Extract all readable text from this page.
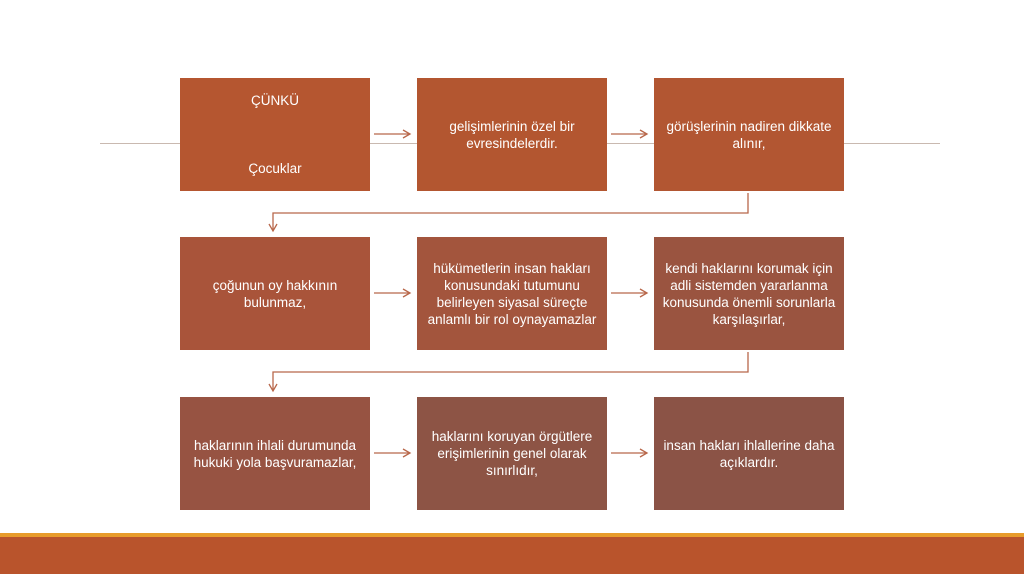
ÇÜNKÜ

Çocuklar

gelişimlerinin özel bir evresindelerdir.
görüşlerinin nadiren dikkate alınır,
çoğunun oy hakkının bulunmaz,
hükümetlerin insan hakları konusundaki tutumunu belirleyen siyasal süreçte anlamlı bir rol oynayamazlar
kendi haklarını korumak için adli sistemden yararlanma konusunda önemli sorunlarla karşılaşırlar,
haklarının ihlali durumunda hukuki yola başvuramazlar,
haklarını koruyan örgütlere erişimlerinin genel olarak sınırlıdır,
insan hakları ihlallerine daha açıklardır.
